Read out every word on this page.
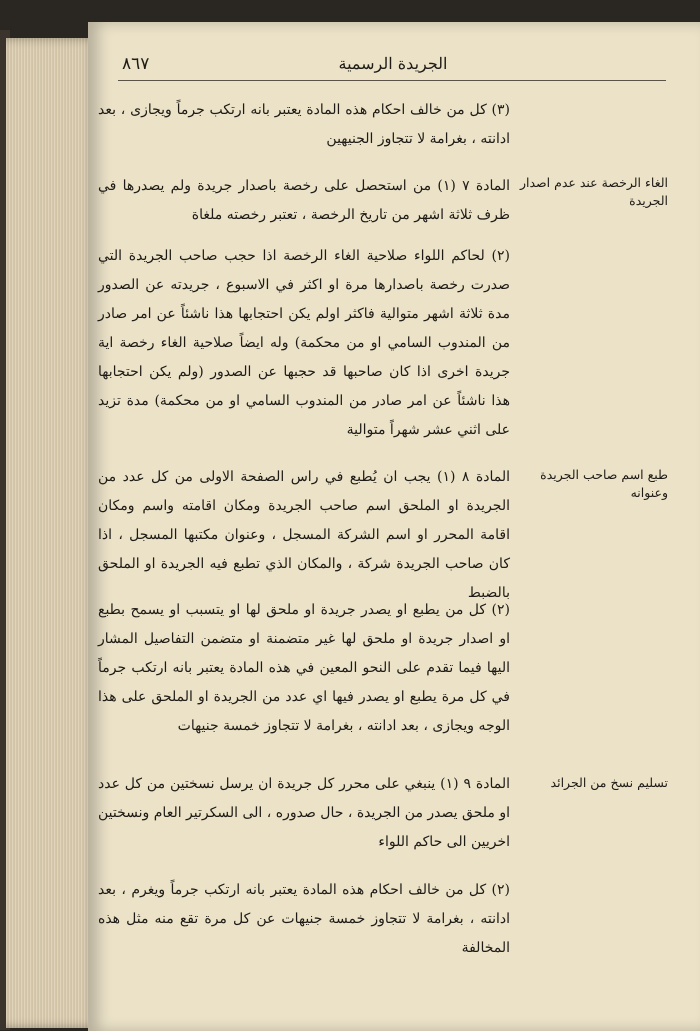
٨٦٧	الجريدة الرسمية
(٣) كل من خالف احكام هذه المادة يعتبر بانه ارتكب جرماً ويجازى ، بعد ادانته ، بغرامة لا تتجاوز الجنيهين
الغاء الرخصة عند عدم اصدار الجريدة
المادة ٧ (١) من استحصل على رخصة باصدار جريدة ولم يصدرها في ظرف ثلاثة اشهر من تاريخ الرخصة ، تعتبر رخصته ملغاة
(٢) لحاكم اللواء صلاحية الغاء الرخصة اذا حجب صاحب الجريدة التي صدرت رخصة باصدارها مرة او اكثر في الاسبوع ، جريدته عن الصدور مدة ثلاثة اشهر متوالية فاكثر اولم يكن احتجابها هذا ناشئاً عن امر صادر من المندوب السامي او من محكمة) وله ايضاً صلاحية الغاء رخصة اية جريدة اخرى اذا كان صاحبها قد حجبها عن الصدور (ولم يكن احتجابها هذا ناشئاً عن امر صادر من المندوب السامي او من محكمة) مدة تزيد على اثني عشر شهراً متوالية
طبع اسم صاحب الجريدة وعنوانه
المادة ٨ (١) يجب ان يُطبع في راس الصفحة الاولى من كل عدد من الجريدة او الملحق اسم صاحب الجريدة ومكان اقامته واسم ومكان اقامة المحرر او اسم الشركة المسجل ، وعنوان مكتبها المسجل ، اذا كان صاحب الجريدة شركة ، والمكان الذي تطبع فيه الجريدة او الملحق بالضبط
(٢) كل من يطبع او يصدر جريدة او ملحق لها او يتسبب او يسمح بطبع او اصدار جريدة او ملحق لها غير متضمنة او متضمن التفاصيل المشار اليها فيما تقدم على النحو المعين في هذه المادة يعتبر بانه ارتكب جرماً في كل مرة يطبع او يصدر فيها اي عدد من الجريدة او الملحق على هذا الوجه ويجازى ، بعد ادانته ، بغرامة لا تتجاوز خمسة جنيهات
تسليم نسخ من الجرائد
المادة ٩ (١) ينبغي على محرر كل جريدة ان يرسل نسختين من كل عدد او ملحق يصدر من الجريدة ، حال صدوره ، الى السكرتير العام ونسختين اخريين الى حاكم اللواء
(٢) كل من خالف احكام هذه المادة يعتبر بانه ارتكب جرماً ويغرم ، بعد ادانته ، بغرامة لا تتجاوز خمسة جنيهات عن كل مرة تقع منه مثل هذه المخالفة
